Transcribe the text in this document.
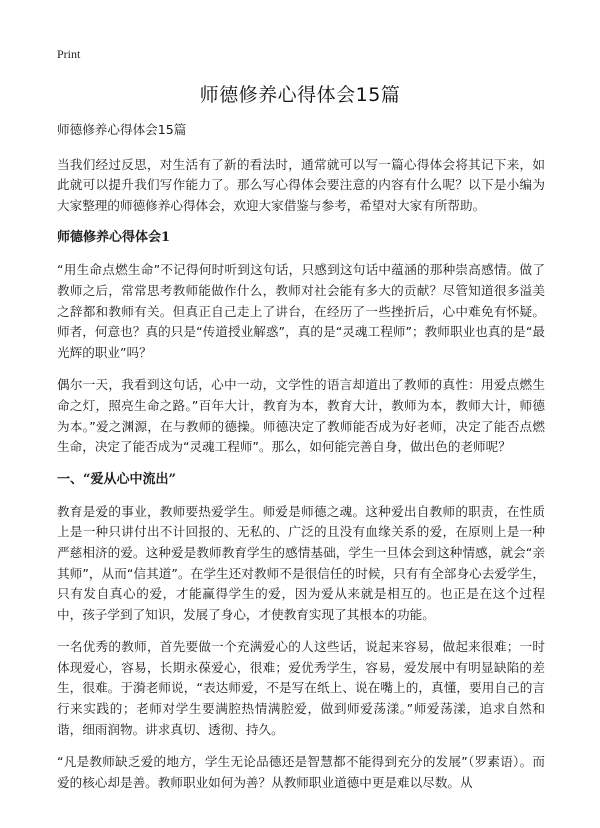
Print
师德修养心得体会15篇

师德修养心得体会15篇

当我们经过反思，对生活有了新的看法时，通常就可以写一篇心得体会将其记下来，如此就可以提升我们写作能力了。那么写心得体会要注意的内容有什么呢？以下是小编为大家整理的师德修养心得体会，欢迎大家借鉴与参考，希望对大家有所帮助。

师德修养心得体会1

“用生命点燃生命”不记得何时听到这句话，只感到这句话中蕴涵的那种崇高感情。做了教师之后，常常思考教师能做作什么，教师对社会能有多大的贡献？尽管知道很多溢美之辞都和教师有关。但真正自己走上了讲台，在经历了一些挫折后，心中难免有怀疑。师者，何意也？真的只是“传道授业解惑”，真的是“灵魂工程师”；教师职业也真的是“最光辉的职业”吗？

偶尔一天，我看到这句话，心中一动，文学性的语言却道出了教师的真性：用爱点燃生命之灯，照亮生命之路。”百年大计，教育为本，教育大计，教师为本，教师大计，师德为本。”爱之渊源，在与教师的德操。师德决定了教师能否成为好老师，决定了能否点燃生命，决定了能否成为“灵魂工程师”。那么，如何能完善自身，做出色的老师呢？

一、“爱从心中流出”

教育是爱的事业，教师要热爱学生。师爱是师德之魂。这种爱出自教师的职责，在性质上是一种只讲付出不计回报的、无私的、广泛的且没有血缘关系的爱，在原则上是一种严慈相济的爱。这种爱是教师教育学生的感情基础，学生一旦体会到这种情感，就会“亲其师”，从而“信其道”。在学生还对教师不是很信任的时候，只有有全部身心去爱学生，只有发自真心的爱，才能赢得学生的爱，因为爱从来就是相互的。也正是在这个过程中，孩子学到了知识，发展了身心，才使教育实现了其根本的功能。

一名优秀的教师，首先要做一个充满爱心的人这些话，说起来容易，做起来很难；一时体现爱心，容易，长期永葆爱心，很难；爱优秀学生，容易，爱发展中有明显缺陷的差生，很难。于漪老师说，“表达师爱，不是写在纸上、说在嘴上的，真懂，要用自己的言行来实践的；老师对学生要满腔热情满腔爱，做到师爱荡漾。”师爱荡漾，追求自然和谐，细雨润物。讲求真切、透彻、持久。

“凡是教师缺乏爱的地方，学生无论品德还是智慧都不能得到充分的发展”（罗素语）。而爱的核心却是善。教师职业如何为善？从教师职业道德中更是难以尽数。从
